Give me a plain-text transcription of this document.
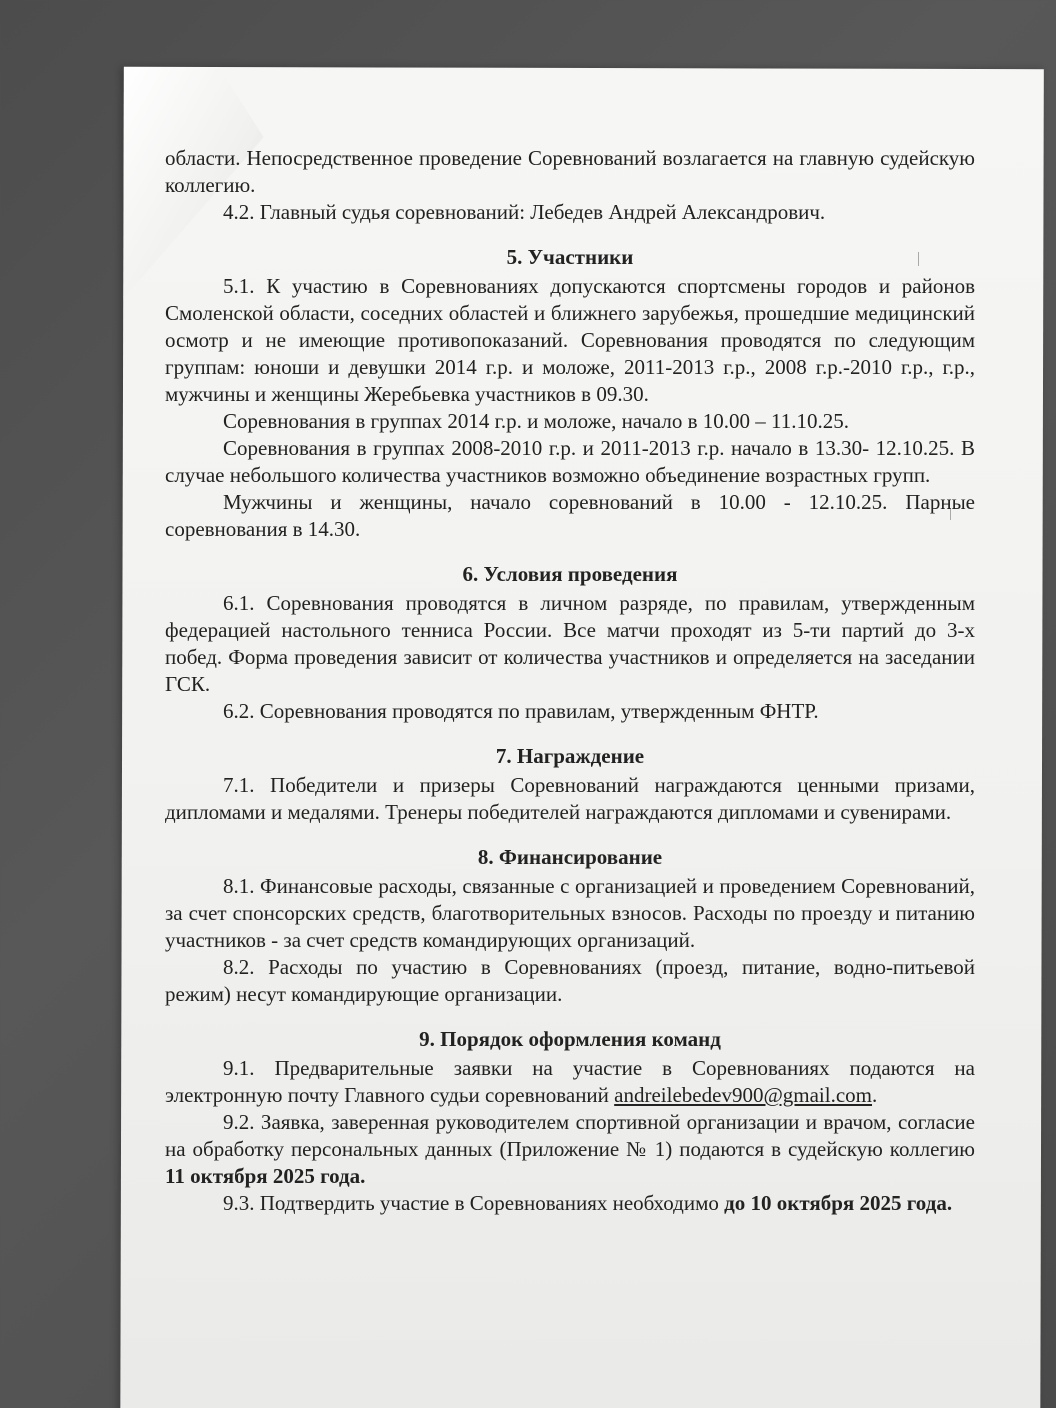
области. Непосредственное проведение Соревнований возлагается на главную судейскую коллегию.

4.2. Главный судья соревнований: Лебедев Андрей Александрович.

5. Участники

5.1. К участию в Соревнованиях допускаются спортсмены городов и районов Смоленской области, соседних областей и ближнего зарубежья, прошедшие медицинский осмотр и не имеющие противопоказаний. Соревнования проводятся по следующим группам: юноши и девушки 2014 г.р. и моложе, 2011-2013 г.р., 2008 г.р.-2010 г.р., г.р., мужчины и женщины Жеребьевка участников в 09.30.

Соревнования в группах 2014 г.р. и моложе, начало в 10.00 – 11.10.25.

Соревнования в группах 2008-2010 г.р. и 2011-2013 г.р. начало в 13.30- 12.10.25. В случае небольшого количества участников возможно объединение возрастных групп.

Мужчины и женщины, начало соревнований в 10.00 - 12.10.25. Парные соревнования в 14.30.

6. Условия проведения

6.1. Соревнования проводятся в личном разряде, по правилам, утвержденным федерацией настольного тенниса России. Все матчи проходят из 5-ти партий до 3-х побед. Форма проведения зависит от количества участников и определяется на заседании ГСК.

6.2. Соревнования проводятся по правилам, утвержденным ФНТР.

7. Награждение

7.1. Победители и призеры Соревнований награждаются ценными призами, дипломами и медалями. Тренеры победителей награждаются дипломами и сувенирами.

8. Финансирование

8.1. Финансовые расходы, связанные с организацией и проведением Соревнований, за счет спонсорских средств, благотворительных взносов. Расходы по проезду и питанию участников - за счет средств командирующих организаций.

8.2. Расходы по участию в Соревнованиях (проезд, питание, водно-питьевой режим) несут командирующие организации.

9. Порядок оформления команд

9.1. Предварительные заявки на участие в Соревнованиях подаются на электронную почту Главного судьи соревнований andreilebedev900@gmail.com.

9.2. Заявка, заверенная руководителем спортивной организации и врачом, согласие на обработку персональных данных (Приложение № 1) подаются в судейскую коллегию 11 октября 2025 года.

9.3. Подтвердить участие в Соревнованиях необходимо до 10 октября 2025 года.
